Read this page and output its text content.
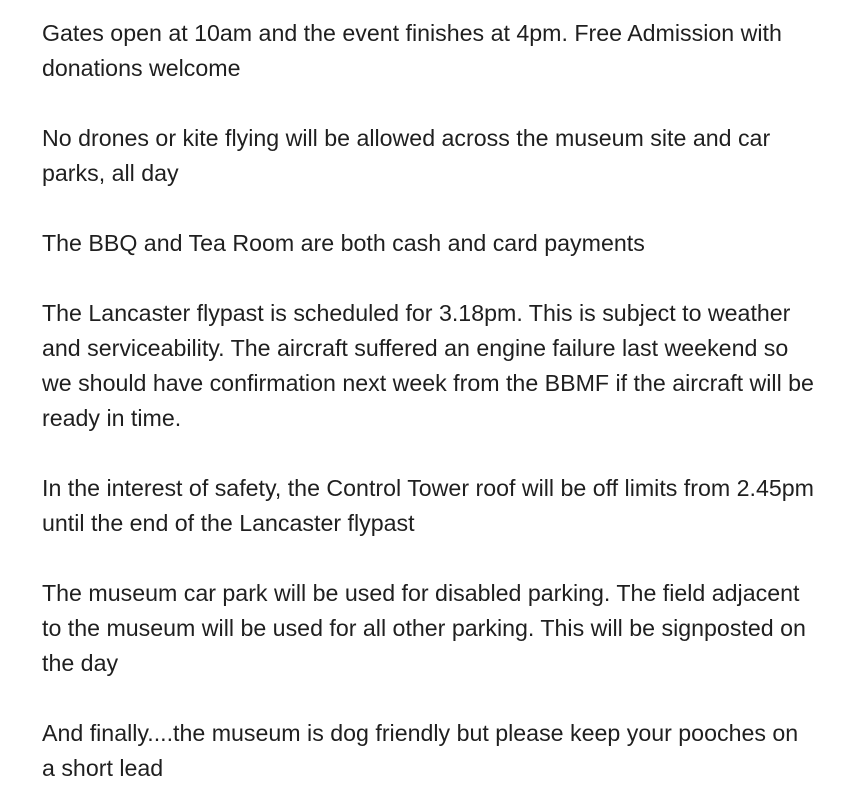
Gates open at 10am and the event finishes at 4pm. Free Admission with donations welcome

No drones or kite flying will be allowed across the museum site and car parks, all day

The BBQ and Tea Room are both cash and card payments

The Lancaster flypast is scheduled for 3.18pm. This is subject to weather and serviceability. The aircraft suffered an engine failure last weekend so we should have confirmation next week from the BBMF if the aircraft will be ready in time.

In the interest of safety, the Control Tower roof will be off limits from 2.45pm until the end of the Lancaster flypast

The museum car park will be used for disabled parking. The field adjacent to the museum will be used for all other parking. This will be signposted on the day

And finally....the museum is dog friendly but please keep your pooches on a short lead
